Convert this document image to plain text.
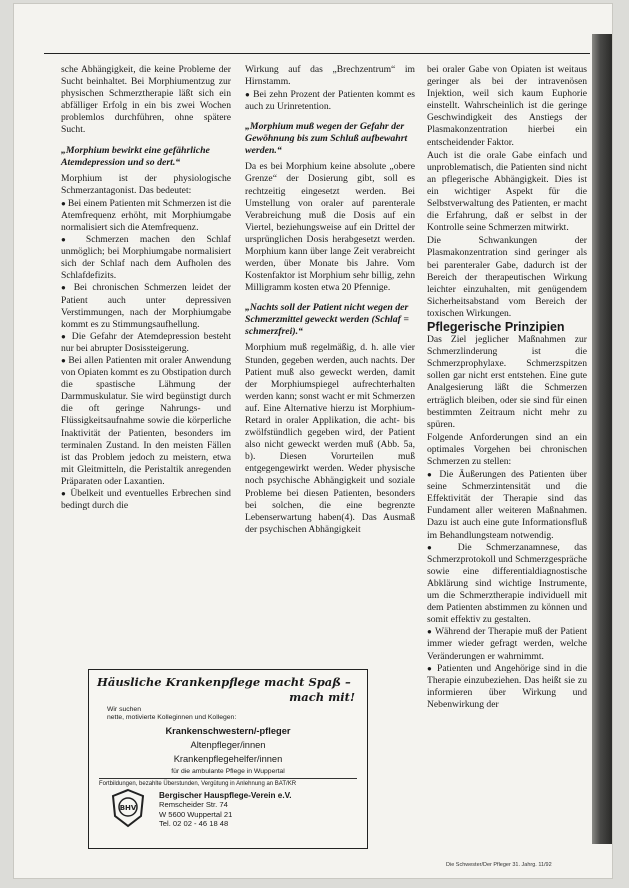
sche Abhängigkeit, die keine Probleme der Sucht beinhaltet. Bei Morphiumentzug zur physischen Schmerztherapie läßt sich ein abfälliger Erfolg in ein bis zwei Wochen problemlos durchführen, ohne spätere Sucht.

„Morphium bewirkt eine gefährliche Atemdepression und so dert.“

Morphium ist der physiologische Schmerzantagonist. Das bedeutet:

● Bei einem Patienten mit Schmerzen ist die Atemfrequenz erhöht, mit Morphiumgabe normalisiert sich die Atemfrequenz.

● Schmerzen machen den Schlaf unmöglich; bei Morphiumgabe normalisiert sich der Schlaf nach dem Aufholen des Schlafdefizits.

● Bei chronischen Schmerzen leidet der Patient auch unter depressiven Verstimmungen, nach der Morphiumgabe kommt es zu Stimmungsaufhellung.

● Die Gefahr der Atemdepression besteht nur bei abrupter Dosissteigerung.

● Bei allen Patienten mit oraler Anwendung von Opiaten kommt es zu Obstipation durch die spastische Lähmung der Darmmuskulatur. Sie wird begünstigt durch die oft geringe Nahrungs- und Flüssigkeitsaufnahme sowie die körperliche Inaktivität der Patienten, besonders im terminalen Zustand. In den meisten Fällen ist das Problem jedoch zu meistern, etwa mit Gleitmitteln, die Peristaltik anregenden Präparaten oder Laxantien.

● Übelkeit und eventuelles Erbrechen sind bedingt durch die

Wirkung auf das „Brechzentrum“ im Hirnstamm.

● Bei zehn Prozent der Patienten kommt es auch zu Urinretention.

„Morphium muß wegen der Gefahr der Gewöhnung bis zum Schluß aufbewahrt werden.“

Da es bei Morphium keine absolute „obere Grenze“ der Dosierung gibt, soll es rechtzeitig eingesetzt werden. Bei Umstellung von oraler auf parenterale Verabreichung muß die Dosis auf ein Viertel, beziehungsweise auf ein Drittel der ursprünglichen Dosis herabgesetzt werden. Morphium kann über lange Zeit verabreicht werden, über Monate bis Jahre. Vom Kostenfaktor ist Morphium sehr billig, zehn Milligramm kosten etwa 20 Pfennige.

„Nachts soll der Patient nicht wegen der Schmerzmittel geweckt werden (Schlaf = schmerzfrei).“

Morphium muß regelmäßig, d. h. alle vier Stunden, gegeben werden, auch nachts. Der Patient muß also geweckt werden, damit der Morphiumspiegel aufrechterhalten werden kann; sonst wacht er mit Schmerzen auf. Eine Alternative hierzu ist Morphium-Retard in oraler Applikation, die acht- bis zwölfstündlich gegeben wird, der Patient also nicht geweckt werden muß (Abb. 5a, b). Diesen Vorurteilen muß entgegengewirkt werden. Weder physische noch psychische Abhängigkeit und soziale Probleme bei diesen Patienten, besonders bei solchen, die eine begrenzte Lebenserwartung haben(4). Das Ausmaß der psychischen Abhängigkeit

bei oraler Gabe von Opiaten ist weitaus geringer als bei der intravenösen Injektion, weil sich kaum Euphorie einstellt. Wahrscheinlich ist die geringe Geschwindigkeit des Anstiegs der Plasmakonzentration hierbei ein entscheidender Faktor.

Auch ist die orale Gabe einfach und unproblematisch, die Patienten sind nicht an pflegerische Abhängigkeit. Dies ist ein wichtiger Aspekt für die Selbstverwaltung des Patienten, er macht die Erfahrung, daß er selbst in der Kontrolle seine Schmerzen mitwirkt.

Die Schwankungen der Plasmakonzentration sind geringer als bei parenteraler Gabe, dadurch ist der Bereich der therapeutischen Wirkung leichter einzuhalten, mit genügendem Sicherheitsabstand vom Bereich der toxischen Wirkungen.

Pflegerische Prinzipien

Das Ziel jeglicher Maßnahmen zur Schmerzlinderung ist die Schmerzprophylaxe. Schmerzspitzen sollen gar nicht erst entstehen. Eine gute Analgesierung läßt die Schmerzen erträglich bleiben, oder sie sind für einen bestimmten Zeitraum nicht mehr zu spüren.

Folgende Anforderungen sind an ein optimales Vorgehen bei chronischen Schmerzen zu stellen:

● Die Äußerungen des Patienten über seine Schmerzintensität und die Effektivität der Therapie sind das Fundament aller weiteren Maßnahmen. Dazu ist auch eine gute Informationsfluß im Behandlungsteam notwendig.

● Die Schmerzanamnese, das Schmerzprotokoll und Schmerzgespräche sowie eine differentialdiagnostische Abklärung sind wichtige Instrumente, um die Schmerztherapie individuell mit dem Patienten abstimmen zu können und somit effektiv zu gestalten.

● Während der Therapie muß der Patient immer wieder gefragt werden, welche Veränderungen er wahrnimmt.

● Patienten und Angehörige sind in die Therapie einzubeziehen. Das heißt sie zu informieren über Wirkung und Nebenwirkung der

Häusliche Krankenpflege macht Spaß –
mach mit!
Wir suchen
nette, motivierte Kolleginnen und Kollegen:
Krankenschwestern/-pfleger
Altenpfleger/innen
Krankenpflegehelfer/innen
für die ambulante Pflege in Wuppertal
Fortbildungen, bezahlte Überstunden, Vergütung in Anlehnung an BAT/KR
BHV
Bergischer Hauspflege-Verein e.V.
Remscheider Str. 74
W 5600 Wuppertal 21
Tel. 02 02 - 46 18 48
Die Schwester/Der Pfleger 31. Jahrg. 11/92
